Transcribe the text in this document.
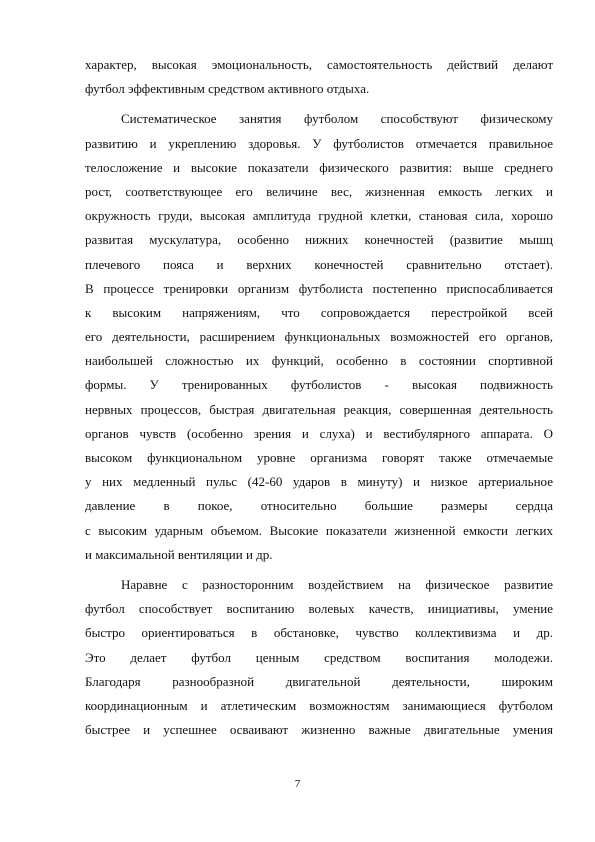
характер, высокая эмоциональность, самостоятельность действий делают
футбол эффективным средством активного отдыха.
Систематическое занятия футболом способствуют физическому
развитию и укреплению здоровья. У футболистов отмечается правильное
телосложение и высокие показатели физического развития: выше среднего
рост, соответствующее его величине вес, жизненная емкость легких и
окружность груди, высокая амплитуда грудной клетки, становая сила, хорошо
развитая мускулатура, особенно нижних конечностей (развитие мышц
плечевого пояса и верхних конечностей сравнительно отстает).
В процессе тренировки организм футболиста постепенно приспосабливается
к высоким напряжениям, что сопровождается перестройкой всей
его деятельности, расширением функциональных возможностей его органов,
наибольшей сложностью их функций, особенно в состоянии спортивной
формы. У тренированных футболистов - высокая подвижность
нервных процессов, быстрая двигательная реакция, совершенная деятельность
органов чувств (особенно зрения и слуха) и вестибулярного аппарата. О
высоком функциональном уровне организма говорят также отмечаемые
у них медленный пульс (42-60 ударов в минуту) и низкое артериальное
давление в покое, относительно большие размеры сердца
с высоким ударным объемом. Высокие показатели жизненной емкости легких
и максимальной вентиляции и др.
Наравне с разносторонним воздействием на физическое развитие
футбол способствует воспитанию волевых качеств, инициативы, умение
быстро ориентироваться в обстановке, чувство коллективизма и др.
Это делает футбол ценным средством воспитания молодежи.
Благодаря разнообразной двигательной деятельности, широким
координационным и атлетическим возможностям занимающиеся футболом
быстрее и успешнее осваивают жизненно важные двигательные умения
7
